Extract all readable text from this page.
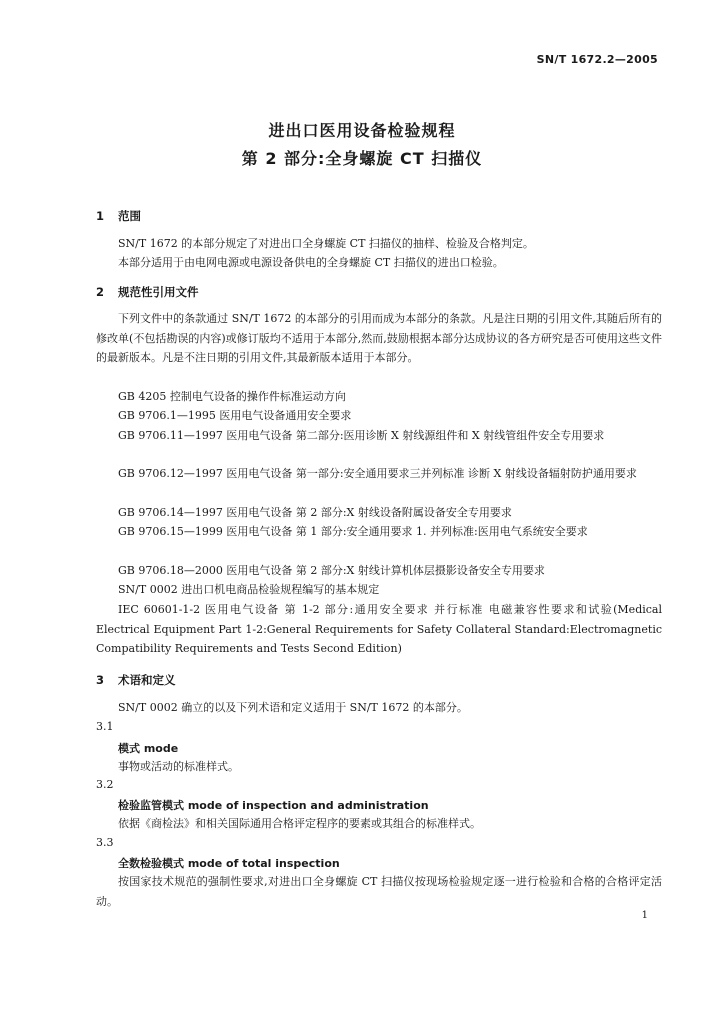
SN/T 1672.2—2005
进出口医用设备检验规程
第 2 部分:全身螺旋 CT 扫描仪
1 范围
SN/T 1672 的本部分规定了对进出口全身螺旋 CT 扫描仪的抽样、检验及合格判定。
本部分适用于由电网电源或电源设备供电的全身螺旋 CT 扫描仪的进出口检验。
2 规范性引用文件
下列文件中的条款通过 SN/T 1672 的本部分的引用而成为本部分的条款。凡是注日期的引用文件,其随后所有的修改单(不包括勘误的内容)或修订版均不适用于本部分,然而,鼓励根据本部分达成协议的各方研究是否可使用这些文件的最新版本。凡是不注日期的引用文件,其最新版本适用于本部分。
GB 4205 控制电气设备的操作件标准运动方向
GB 9706.1—1995 医用电气设备通用安全要求
GB 9706.11—1997 医用电气设备 第二部分:医用诊断 X 射线源组件和 X 射线管组件安全专用要求
GB 9706.12—1997 医用电气设备 第一部分:安全通用要求三并列标准 诊断 X 射线设备辐射防护通用要求
GB 9706.14—1997 医用电气设备 第 2 部分:X 射线设备附属设备安全专用要求
GB 9706.15—1999 医用电气设备 第 1 部分:安全通用要求 1. 并列标准:医用电气系统安全要求
GB 9706.18—2000 医用电气设备 第 2 部分:X 射线计算机体层摄影设备安全专用要求
SN/T 0002 进出口机电商品检验规程编写的基本规定
IEC 60601-1-2 医用电气设备 第 1-2 部分:通用安全要求 并行标准 电磁兼容性要求和试验(Medical Electrical Equipment Part 1-2:General Requirements for Safety Collateral Standard:Electromagnetic Compatibility Requirements and Tests Second Edition)
3 术语和定义
SN/T 0002 确立的以及下列术语和定义适用于 SN/T 1672 的本部分。
3.1
模式 mode
事物或活动的标准样式。
3.2
检验监管模式 mode of inspection and administration
依据《商检法》和相关国际通用合格评定程序的要素或其组合的标准样式。
3.3
全数检验模式 mode of total inspection
按国家技术规范的强制性要求,对进出口全身螺旋 CT 扫描仪按现场检验规定逐一进行检验和合格的合格评定活动。
1
